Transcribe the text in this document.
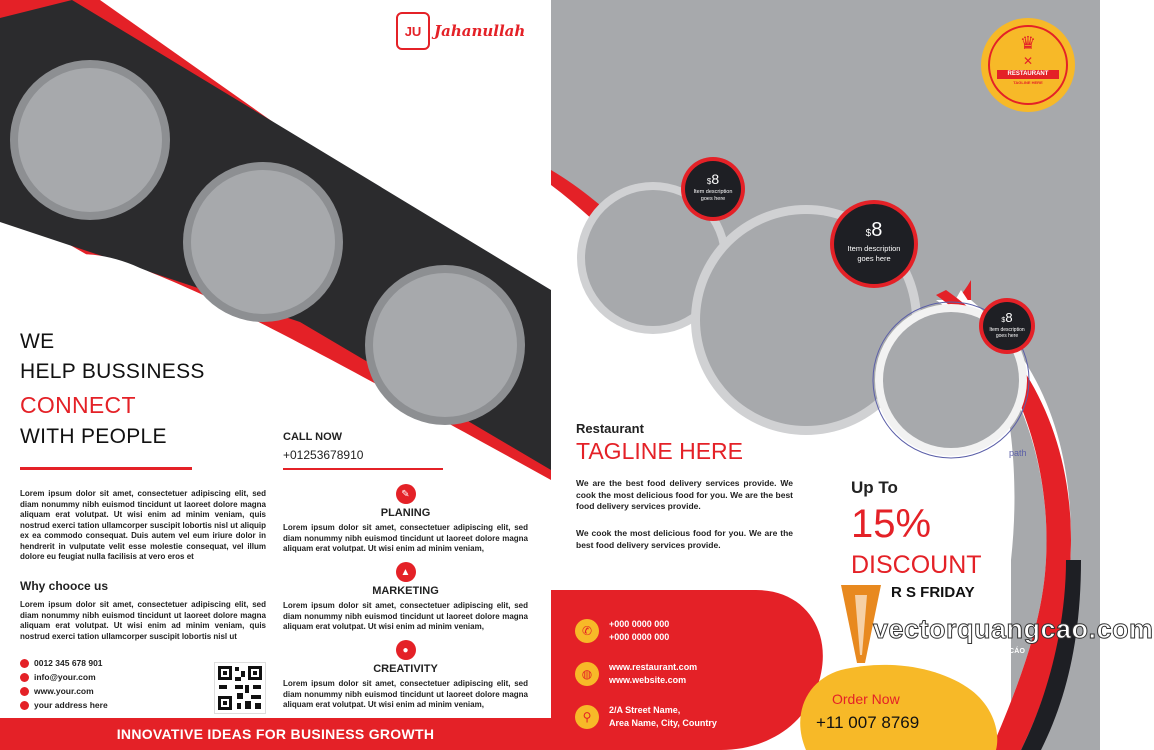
JU Jahanullah
WE
HELP BUSSINESS
CONNECT
WITH PEOPLE
Lorem ipsum dolor sit amet, consectetuer adipiscing elit, sed diam nonummy nibh euismod tincidunt ut laoreet dolore magna aliquam erat volutpat. Ut wisi enim ad minim veniam, quis nostrud exerci tation ullamcorper suscipit lobortis nisl ut aliquip ex ea commodo consequat. Duis autem vel eum iriure dolor in hendrerit in vulputate velit esse molestie consequat, vel illum dolore eu feugiat nulla facilisis at vero eros et
Why chooce us
Lorem ipsum dolor sit amet, consectetuer adipiscing elit, sed diam nonummy nibh euismod tincidunt ut laoreet dolore magna aliquam erat volutpat. Ut wisi enim ad minim veniam, quis nostrud exerci tation ullamcorper suscipit lobortis nisl ut
0012 345 678 901
info@your.com
www.your.com
your address here
CALL NOW
+01253678910
✎
PLANING
Lorem ipsum dolor sit amet, consectetuer adipiscing elit, sed diam nonummy nibh euismod tincidunt ut laoreet dolore magna aliquam erat volutpat. Ut wisi enim ad minim veniam,
▲
MARKETING
Lorem ipsum dolor sit amet, consectetuer adipiscing elit, sed diam nonummy nibh euismod tincidunt ut laoreet dolore magna aliquam erat volutpat. Ut wisi enim ad minim veniam,
●
CREATIVITY
Lorem ipsum dolor sit amet, consectetuer adipiscing elit, sed diam nonummy nibh euismod tincidunt ut laoreet dolore magna aliquam erat volutpat. Ut wisi enim ad minim veniam,
INNOVATIVE IDEAS FOR BUSINESS GROWTH
♛
✕
RESTAURANT
TAGLINE HERE
$8
Item description
goes here
$8
Item description
goes here
$8
Item description
goes here
path
Restaurant
TAGLINE HERE
We are the best food delivery services provide. We cook the most delicious food for you. We are the best food delivery services provide.
We cook the most delicious food for you. We are the best food delivery services provide.
Up To
15%
DISCOUNT
R S FRIDAY
✆	+000 0000 000
+000 0000 000
◍	www.restaurant.com
www.website.com
⚲	2/A Street Name,
Area Name, City, Country
Order Now
+11 007 8769
vectorquangcao.com
KHO TÀI NGUYÊN CHO NHÀ QUẢNG CÁO
